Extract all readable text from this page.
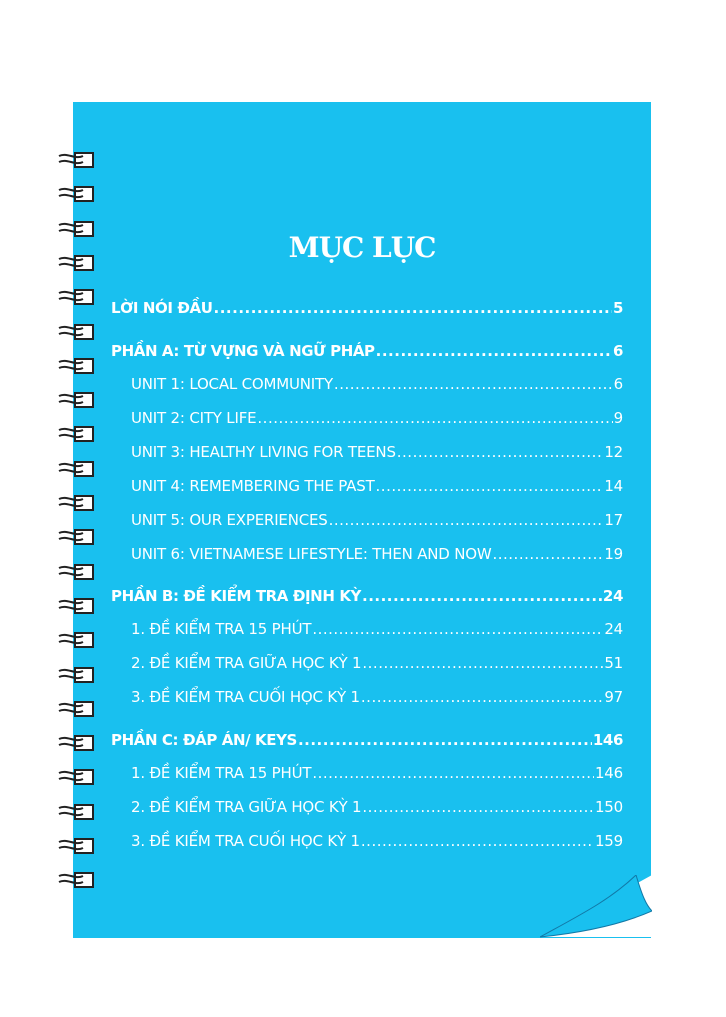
MỤC LỤC
LỜI NÓI ĐẦU .....	5
PHẦN A: TỪ VỰNG VÀ NGỮ PHÁP .....	6
UNIT 1: LOCAL COMMUNITY .....	6
UNIT 2: CITY LIFE .....	9
UNIT 3: HEALTHY LIVING FOR TEENS .....	12
UNIT 4: REMEMBERING THE PAST .....	14
UNIT 5: OUR EXPERIENCES .....	17
UNIT 6: VIETNAMESE LIFESTYLE: THEN AND NOW .....	19
PHẦN B: ĐỀ KIỂM TRA ĐỊNH KỲ .....	24
1. ĐỀ KIỂM TRA 15 PHÚT .....	24
2. ĐỀ KIỂM TRA GIỮA HỌC KỲ 1 .....	51
3. ĐỀ KIỂM TRA CUỐI HỌC KỲ 1 .....	97
PHẦN C: ĐÁP ÁN/ KEYS .....	146
1. ĐỀ KIỂM TRA 15 PHÚT .....	146
2. ĐỀ KIỂM TRA GIỮA HỌC KỲ 1 .....	150
3. ĐỀ KIỂM TRA CUỐI HỌC KỲ 1 .....	159
